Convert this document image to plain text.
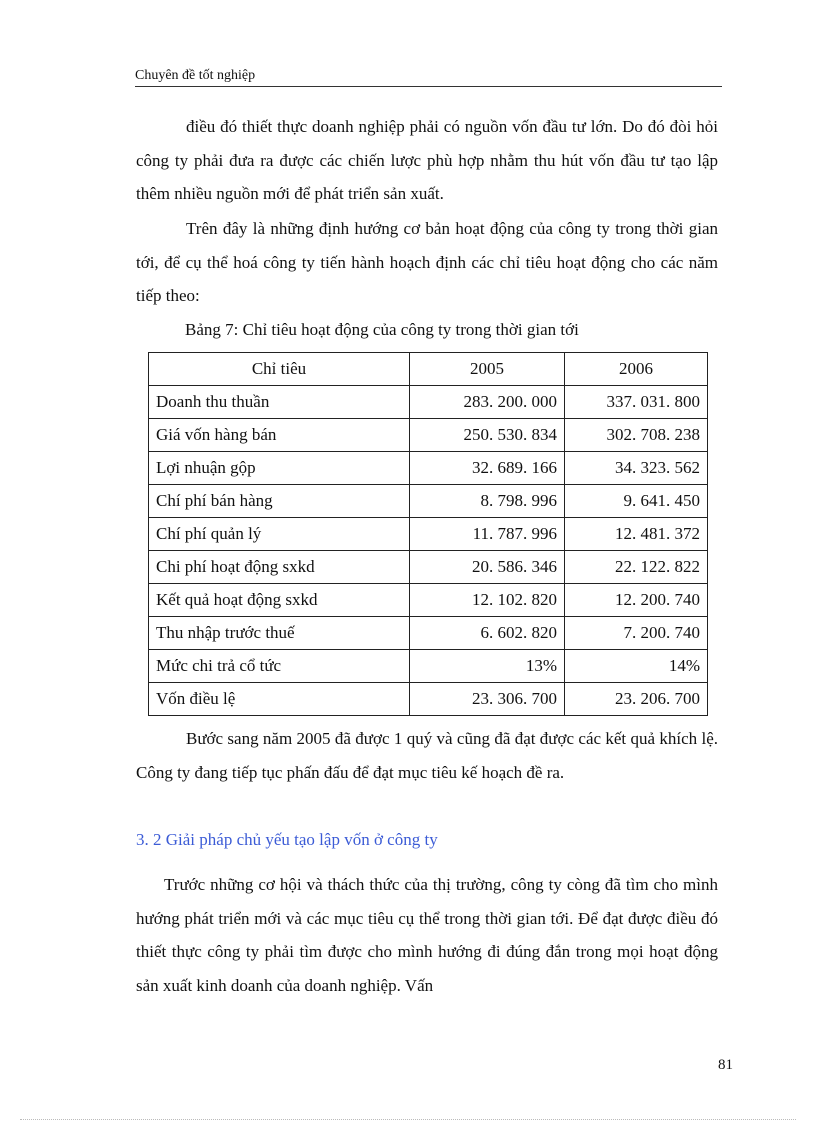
Chuyên đề tốt nghiệp

điều đó thiết thực doanh nghiệp phải có nguồn vốn đầu tư lớn. Do đó đòi hỏi công ty phải đưa ra được các chiến lược phù hợp nhằm thu hút vốn đầu tư tạo lập thêm nhiều nguồn mới để phát triển sản xuất.

Trên đây là những định hướng cơ bản hoạt động của công ty trong thời gian tới, để cụ thể hoá công ty tiến hành hoạch định các chỉ tiêu hoạt động cho các năm tiếp theo:

Bảng 7: Chỉ tiêu hoạt động của công ty trong thời gian tới
Chỉ tiêu	2005	2006
Doanh thu thuần	283. 200. 000	337. 031. 800
Giá vốn hàng bán	250. 530. 834	302. 708. 238
Lợi nhuận gộp	32. 689. 166	34. 323. 562
Chí phí bán hàng	8. 798. 996	9. 641. 450
Chí phí quản lý	11. 787. 996	12. 481. 372
Chi phí hoạt động sxkd	20. 586. 346	22. 122. 822
Kết quả hoạt động sxkd	12. 102. 820	12. 200. 740
Thu nhập trước thuế	6. 602. 820	7. 200. 740
Mức chi trả cổ tức	13%	14%
Vốn điều lệ	23. 306. 700	23. 206. 700

Bước sang năm 2005 đã được 1 quý và cũng đã đạt được các kết quả khích lệ. Công ty đang tiếp tục phấn đấu để đạt mục tiêu kế hoạch đề ra.

3. 2 Giải pháp chủ yếu tạo lập vốn ở công ty

Trước những cơ hội và thách thức của thị trường, công ty còng đã tìm cho mình hướng phát triển mới và các mục tiêu cụ thể trong thời gian tới. Để đạt được điều đó thiết thực công ty phải tìm được cho mình hướng đi đúng đắn trong mọi hoạt động sản xuất kinh doanh của doanh nghiệp. Vấn

81
